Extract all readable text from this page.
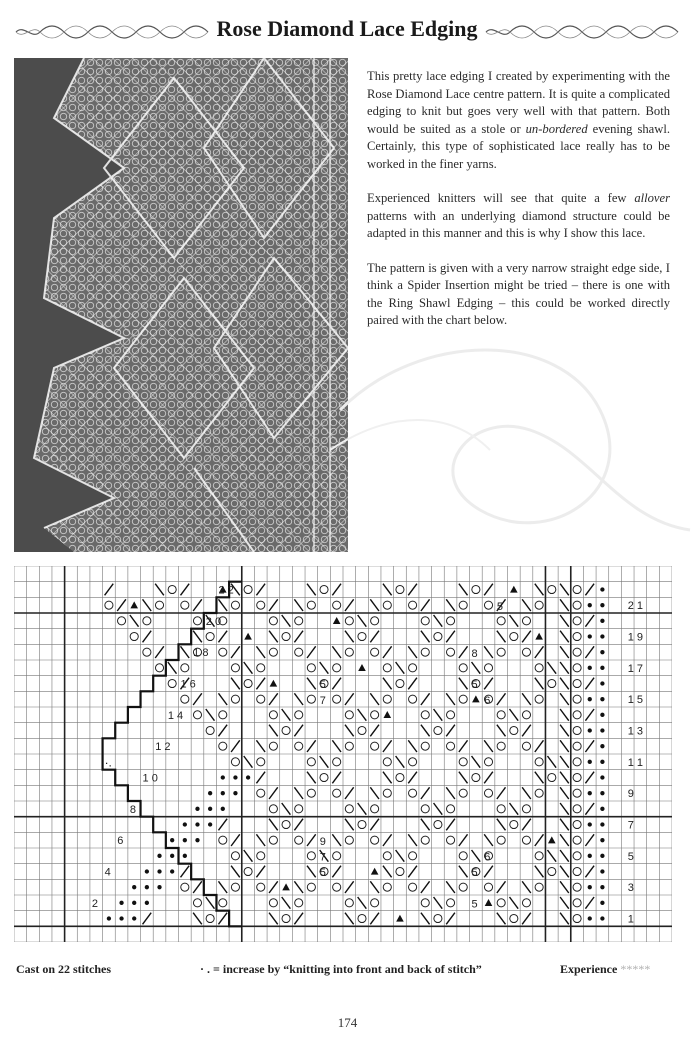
Rose Diamond Lace Edging

This pretty lace edging I created by experimenting with the Rose Diamond Lace centre pattern. It is quite a complicated edging to knit but goes very well with that pattern. Both would be suited as a stole or un-bordered evening shawl. Certainly, this type of sophisticated lace really has to be worked in the finer yarns.

Experienced knitters will see that quite a few allover patterns with an underlying diamond structure could be adapted in this manner and this is why I show this lace.

The pattern is given with a very narrow straight edge side, I think a Spider Insertion might be tried – there is one with the Ring Shawl Edging – this could be worked directly paired with the chart below.

2 1
1 9
1 7
1 5
1 3
1 1
9
7
5
3
1
2 2
2 0
1 8
1 6
1 4
1 2
1 0
8
6
4
2
5
8
5
5
7	6
9
7	6
5	5
5
·.
Cast on 22 stitches	· . = increase by “knitting into front and back of stitch”	Experience *****
174
